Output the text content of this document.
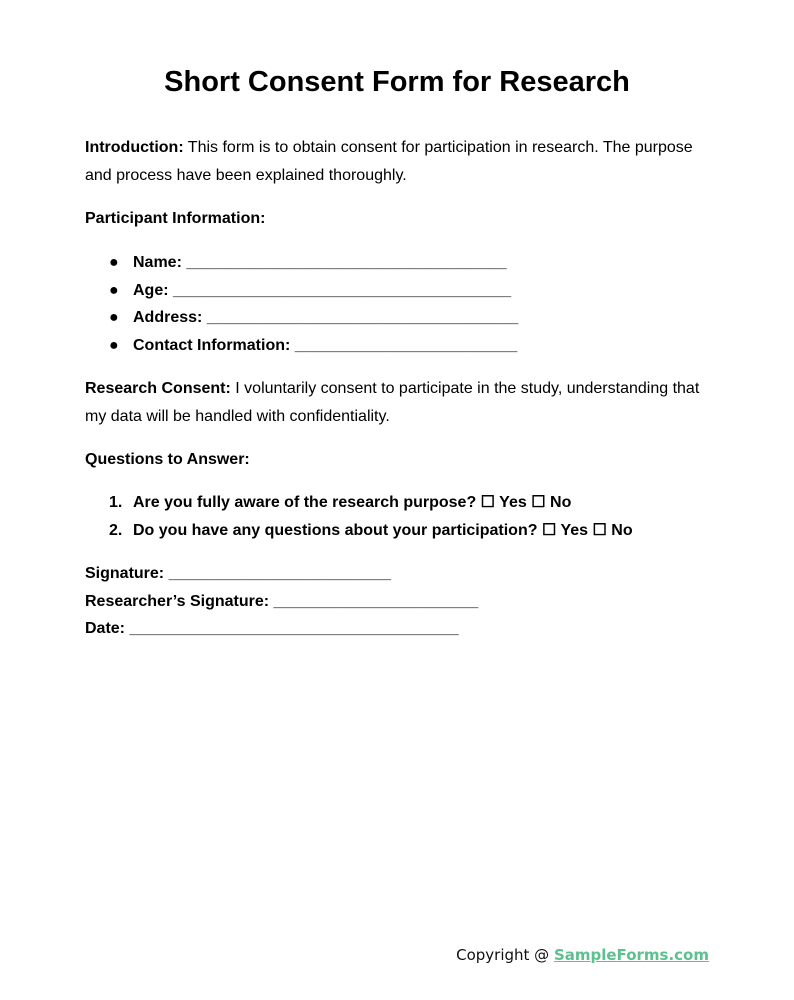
Short Consent Form for Research

Introduction: This form is to obtain consent for participation in research. The purpose and process have been explained thoroughly.

Participant Information:

● Name: ____________________________________
● Age: ______________________________________
● Address: ___________________________________
● Contact Information: _________________________

Research Consent: I voluntarily consent to participate in the study, understanding that my data will be handled with confidentiality.

Questions to Answer:

1. Are you fully aware of the research purpose? ☐ Yes ☐ No
2. Do you have any questions about your participation? ☐ Yes ☐ No

Signature: _________________________

Researcher’s Signature: _______________________

Date: _____________________________________

Copyright @ SampleForms.com
